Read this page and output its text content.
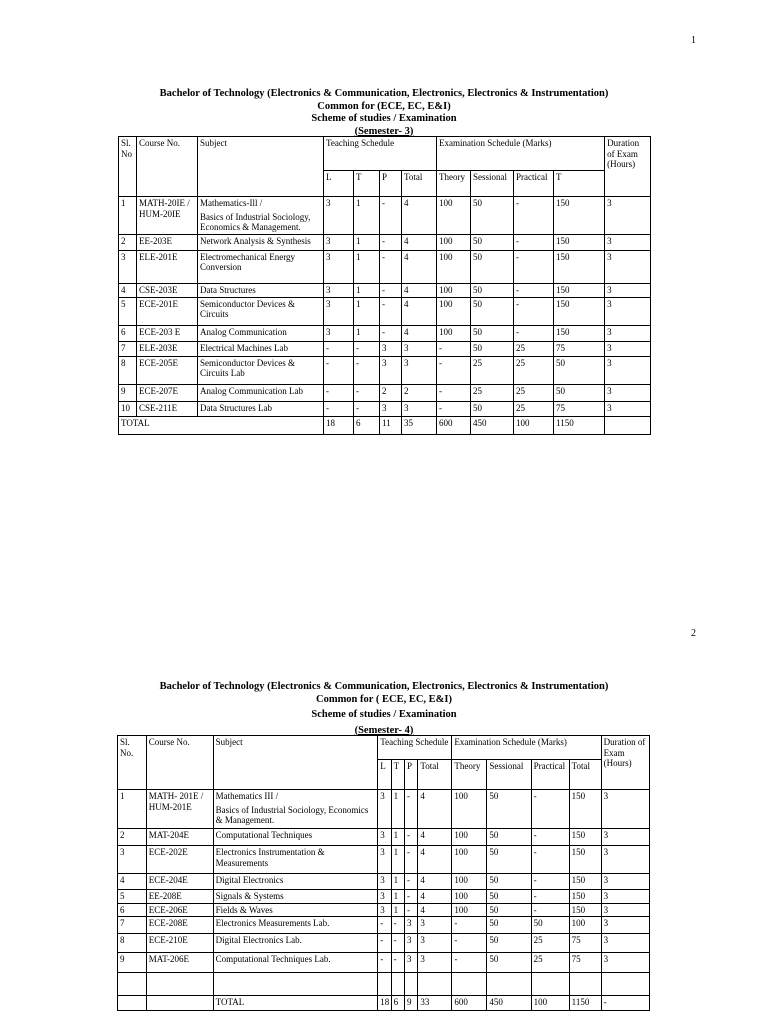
1
Bachelor of Technology (Electronics & Communication, Electronics, Electronics & Instrumentation)
Common for (ECE, EC, E&I)
Scheme of studies / Examination
(Semester- 3)
Sl. No	Course No.	Subject	Teaching Schedule				Examination Schedule (Marks)				Duration of Exam (Hours)
			L	T	P	Total	Theory	Sessional	Practical	T	
1	MATH-20IE / HUM-20IE	Mathematics-Ill /
Basics of Industrial Sociology, Economics & Management.	3	1	-	4	100	50	-	150	3
2	EE-203E	Network Analysis & Synthesis	3	1	-	4	100	50	-	150	3
3	ELE-201E	Electromechanical Energy Conversion	3	1	-	4	100	50	-	150	3
4	CSE-203E	Data Structures	3	1	-	4	100	50	-	150	3
5	ECE-201E	Semiconductor Devices & Circuits	3	1	-	4	100	50	-	150	3
6	ECE-203 E	Analog Communication	3	1	-	4	100	50	-	150	3
7	ELE-203E	Electrical Machines Lab	-	-	3	3	-	50	25	75	3
8	ECE-205E	Semiconductor Devices & Circuits Lab	-	-	3	3	-	25	25	50	3
9	ECE-207E	Analog Communication Lab	-	-	2	2	-	25	25	50	3
10	CSE-211E	Data Structures Lab	-	-	3	3	-	50	25	75	3
TOTAL			18	6	11	35	600	450	100	1150	
2
Bachelor of Technology (Electronics & Communication, Electronics, Electronics & Instrumentation)
Common for ( ECE, EC, E&I)
Scheme of studies / Examination
(Semester- 4)
Sl. No.	Course No.	Subject	Teaching Schedule				Examination Schedule (Marks)				Duration of Exam (Hours)
			L	T	P	Total	Theory	Sessional	Practical	Total	
1	MATH- 201E / HUM-201E	Mathematics III /
Basics of Industrial Sociology, Economics & Management.	3	1	-	4	100	50	-	150	3
2	MAT-204E	Computational Techniques	3	1	-	4	100	50	-	150	3
3	ECE-202E	Electronics Instrumentation & Measurements	3	1	-	4	100	50	-	150	3
4	ECE-204E	Digital Electronics	3	1	-	4	100	50	-	150	3
5	EE-208E	Signals & Systems	3	1	-	4	100	50	-	150	3
6	ECE-206E	Fields & Waves	3	1	-	4	100	50	-	150	3
7	ECE-208E	Electronics Measurements Lab.	-	-	3	3	-	50	50	100	3
8	ECE-210E	Digital Electronics Lab.	-	-	3	3	-	50	25	75	3
9	MAT-206E	Computational Techniques Lab.	-	-	3	3	-	50	25	75	3

		TOTAL	18	6	9	33	600	450	100	1150	-
